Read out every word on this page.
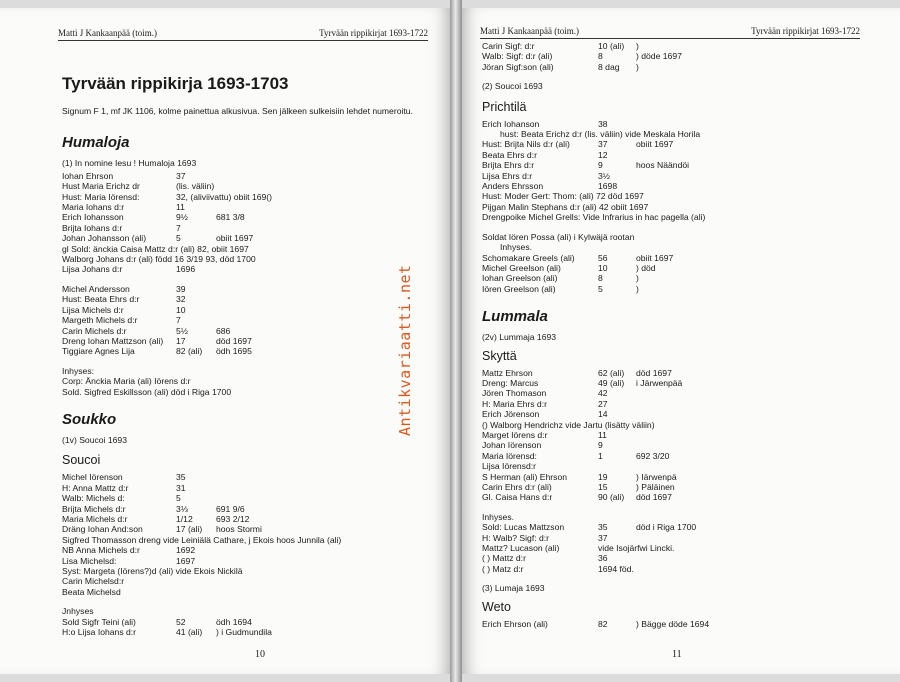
Matti J Kankaanpää (toim.)	Tyrvään rippikirjat 1693-1722
Tyrvään rippikirja 1693-1703
Signum F 1, mf JK 1106, kolme painettua alkusivua. Sen jälkeen sulkeisiin lehdet numeroitu.
Humaloja
(1) In nomine Iesu ! Humaloja 1693
Iohan Ehrson	37
Hust Maria Erichz dr	(lis. väliin)
Hust: Maria Iörensd:	32, (aliviivattu) obiit 169()
Maria Iohans d:r	11
Erich Iohansson	9½	681 3/8
Brijta Iohans d:r	7
Johan Johansson (ali)	5	obiit 1697
gl Sold: änckia Caisa Mattz d:r (ali) 82, obiit 1697
Walborg Johans d:r (ali) född 16 3/19 93, död 1700
Lijsa Johans d:r	1696
Michel Andersson	39
Hust: Beata Ehrs d:r	32
Lijsa Michels d:r	10
Margeth Michels d:r	7
Carin Michels d:r	5½	686
Dreng Iohan Mattzson (ali)	17	död 1697
Tiggiare Agnes Lija	82 (ali)	ödh 1695
Inhyses:
Corp: Änckia Maria (ali) Iörens d:r
Sold. Sigfred Eskillsson (ali) död i Riga 1700
Soukko
(1v) Soucoi 1693
Soucoi
Michel Iörenson	35
H: Anna Mattz d:r	31
Walb: Michels d:	5
Brijta Michels d:r	3⅓	691 9/6
Maria Michels d:r	1/12	693 2/12
Dräng Iohan And:son	17 (ali)	hoos Stormi
Sigfred Thomasson dreng vide Leiniälä Cathare, j Ekois hoos Junnila (ali)
NB Anna Michels d:r	1692
Lisa Michelsd:	1697
Syst: Margeta (Iörens?)d (ali) vide Ekois Nickilä
Carin Michelsd:r
Beata Michelsd
Jnhyses
Sold Sigfr Teini (ali)	52	ödh 1694
H:o Lijsa Iohans d:r	41 (ali)	) i Gudmundila
10
Antikvariaatti.net
Matti J Kankaanpää (toim.)	Tyrvään rippikirjat 1693-1722
Carin Sigf: d:r	10 (ali)	)
Walb: Sigf: d:r (ali)	8	) döde 1697
Jöran Sigf:son (ali)	8 dag	)
(2) Soucoi 1693
Prichtilä
Erich Iohanson	38
hust: Beata Erichz d:r (lis. väliin) vide Meskala Horila
Hust: Brijta Nils d:r (ali)	37	obiit 1697
Beata Ehrs d:r	12
Brijta Ehrs d:r	9	hoos Näändöi
Lijsa Ehrs d:r	3½
Anders Ehrsson	1698
Hust: Moder Gert: Thom: (ali) 72 död 1697
Pijgan Malin Stephans d:r (ali) 42 obiit 1697
Drengpoike Michel Grells: Vide Infrarius in hac pagella (ali)
Soldat Iören Possa (ali) i Kylwäjä rootan
Inhyses.
Schomakare Greels (ali)	56	obiit 1697
Michel Greelson (ali)	10	) död
Iohan Greelson (ali)	8	)
Iören Greelson (ali)	5	)
Lummala
(2v) Lummaja 1693
Skyttä
Mattz Ehrson	62 (ali)	död 1697
Dreng: Marcus	49 (ali)	i Järwenpää
Jören Thomason	42
H: Maria Ehrs d:r	27
Erich Jörenson	14
() Walborg Hendrichz vide Jartu (lisätty väliin)
Marget Iörens d:r	11
Johan Iörenson	9
Maria Iörensd:	1	692 3/20
Lijsa Iörensd:r
S Herman (ali) Ehrson	19	) Iärwenpä
Carin Ehrs d:r (ali)	15	) Päläinen
Gl. Caisa Hans d:r	90 (ali)	död 1697
Inhyses.
Sold: Lucas Mattzson	35	död i Riga 1700
H: Walb? Sigf: d:r	37
Mattz? Lucason (ali)	vide Isojärfwi Lincki.
( ) Mattz d:r	36
( ) Matz d:r	1694 föd.
(3) Lumaja 1693
Weto
Erich Ehrson (ali)	82	) Bägge döde 1694
11
